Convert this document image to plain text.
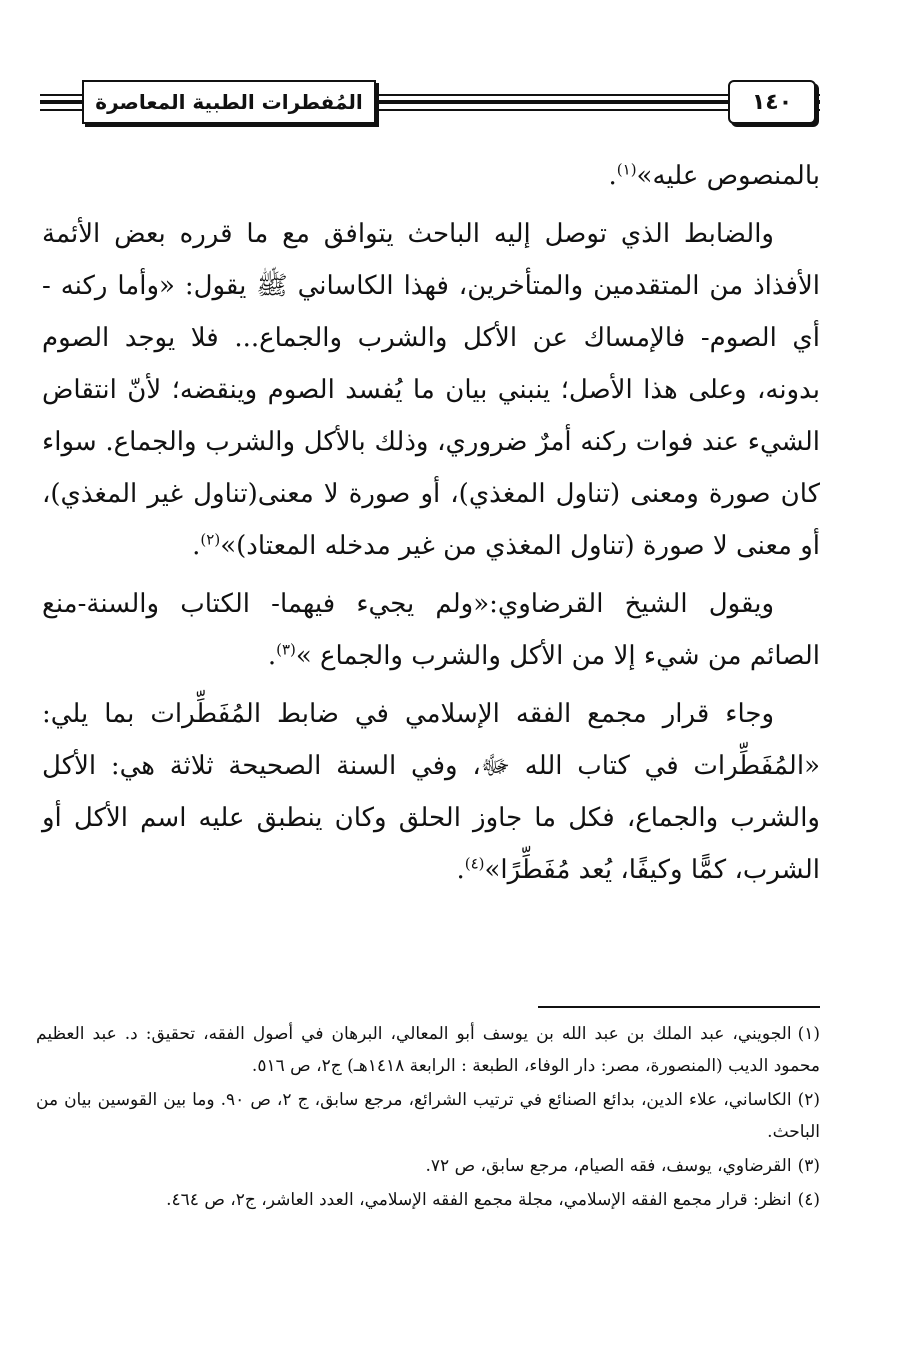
المُفطرات الطبية المعاصرة	١٤٠

بالمنصوص عليه»$^{(١)}$.

والضابط الذي توصل إليه الباحث يتوافق مع ما قرره بعض الأئمة الأفذاذ من المتقدمين والمتأخرين، فهذا الكاساني ﷺ يقول: «وأما ركنه - أي الصوم- فالإمساك عن الأكل والشرب والجماع... فلا يوجد الصوم بدونه، وعلى هذا الأصل؛ ينبني بيان ما يُفسد الصوم وينقضه؛ لأنّ انتقاض الشيء عند فوات ركنه أمرٌ ضروري، وذلك بالأكل والشرب والجماع. سواء كان صورة ومعنى (تناول المغذي)، أو صورة لا معنى(تناول غير المغذي)، أو معنى لا صورة (تناول المغذي من غير مدخله المعتاد)»$^{(٢)}$.

ويقول الشيخ القرضاوي:«ولم يجيء فيهما- الكتاب والسنة-منع الصائم من شيء إلا من الأكل والشرب والجماع »$^{(٣)}$.

وجاء قرار مجمع الفقه الإسلامي في ضابط المُفَطِّرات بما يلي: «المُفَطِّرات في كتاب الله ﷻ، وفي السنة الصحيحة ثلاثة هي: الأكل والشرب والجماع، فكل ما جاوز الحلق وكان ينطبق عليه اسم الأكل أو الشرب، كمًّا وكيفًا، يُعد مُفَطِّرًا»$^{(٤)}$.

(١)الجويني، عبد الملك بن عبد الله بن يوسف أبو المعالي، البرهان في أصول الفقه، تحقيق: د. عبد العظيم محمود الديب (المنصورة، مصر: دار الوفاء، الطبعة : الرابعة ١٤١٨هـ) ج٢، ص ٥١٦.
(٢)الكاساني، علاء الدين، بدائع الصنائع في ترتيب الشرائع، مرجع سابق، ج ٢، ص ٩٠. وما بين القوسين بيان من الباحث.
(٣)القرضاوي، يوسف، فقه الصيام، مرجع سابق، ص ٧٢.
(٤)انظر: قرار مجمع الفقه الإسلامي، مجلة مجمع الفقه الإسلامي، العدد العاشر، ج٢، ص ٤٦٤.
